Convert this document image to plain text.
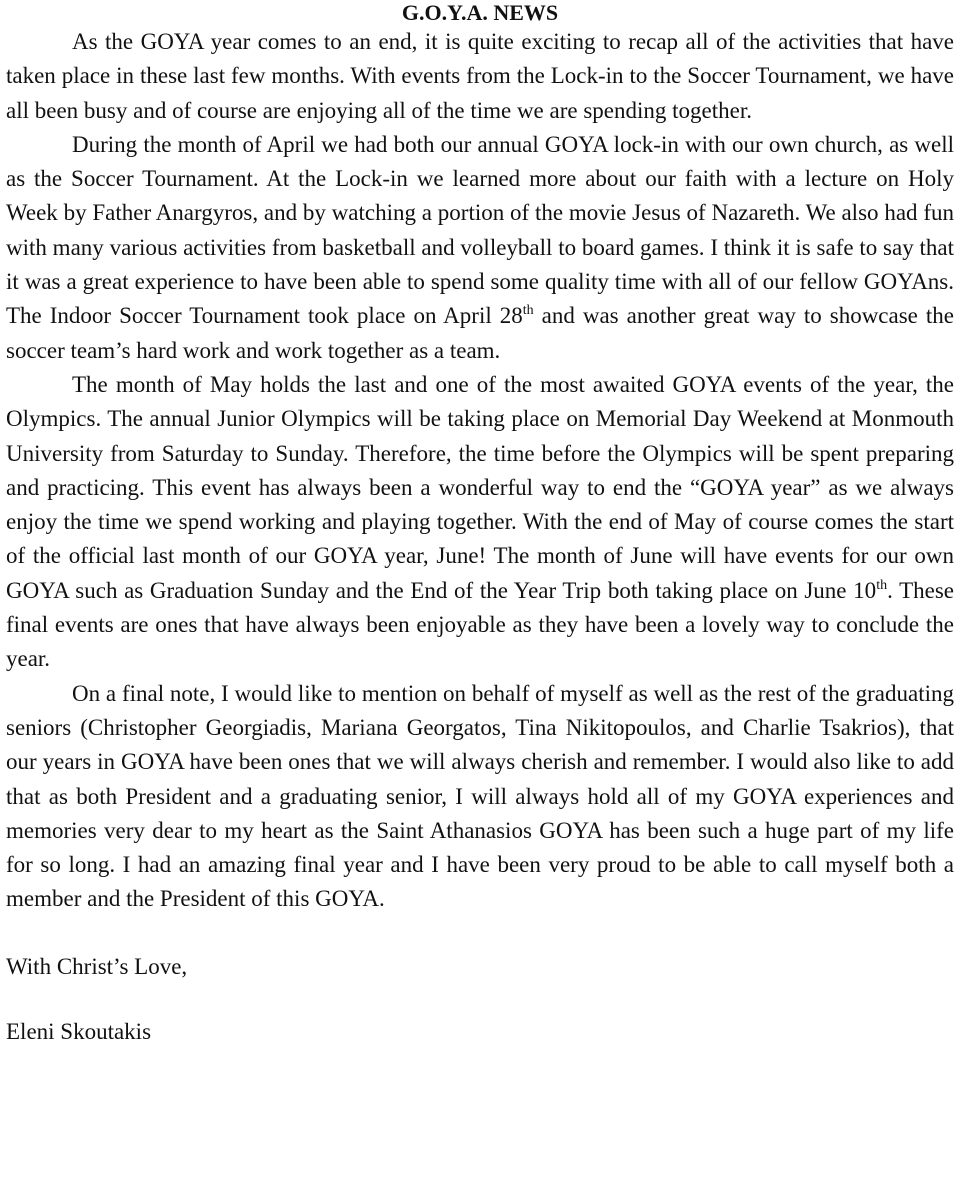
G.O.Y.A. NEWS

As the GOYA year comes to an end, it is quite exciting to recap all of the activities that have taken place in these last few months. With events from the Lock-in to the Soccer Tournament, we have all been busy and of course are enjoying all of the time we are spending together.

During the month of April we had both our annual GOYA lock-in with our own church, as well as the Soccer Tournament. At the Lock-in we learned more about our faith with a lecture on Holy Week by Father Anargyros, and by watching a portion of the movie Jesus of Nazareth. We also had fun with many various activities from basketball and volleyball to board games. I think it is safe to say that it was a great experience to have been able to spend some quality time with all of our fellow GOYAns. The Indoor Soccer Tournament took place on April 28th and was another great way to showcase the soccer team’s hard work and work together as a team.

The month of May holds the last and one of the most awaited GOYA events of the year, the Olympics. The annual Junior Olympics will be taking place on Memorial Day Weekend at Monmouth University from Saturday to Sunday. Therefore, the time before the Olympics will be spent preparing and practicing. This event has always been a wonderful way to end the “GOYA year” as we always enjoy the time we spend working and playing together. With the end of May of course comes the start of the official last month of our GOYA year, June! The month of June will have events for our own GOYA such as Graduation Sunday and the End of the Year Trip both taking place on June 10th. These final events are ones that have always been enjoyable as they have been a lovely way to conclude the year.

On a final note, I would like to mention on behalf of myself as well as the rest of the graduating seniors (Christopher Georgiadis, Mariana Georgatos, Tina Nikitopoulos, and Charlie Tsakrios), that our years in GOYA have been ones that we will always cherish and remember. I would also like to add that as both President and a graduating senior, I will always hold all of my GOYA experiences and memories very dear to my heart as the Saint Athanasios GOYA has been such a huge part of my life for so long. I had an amazing final year and I have been very proud to be able to call myself both a member and the President of this GOYA.

With Christ’s Love,

Eleni Skoutakis
